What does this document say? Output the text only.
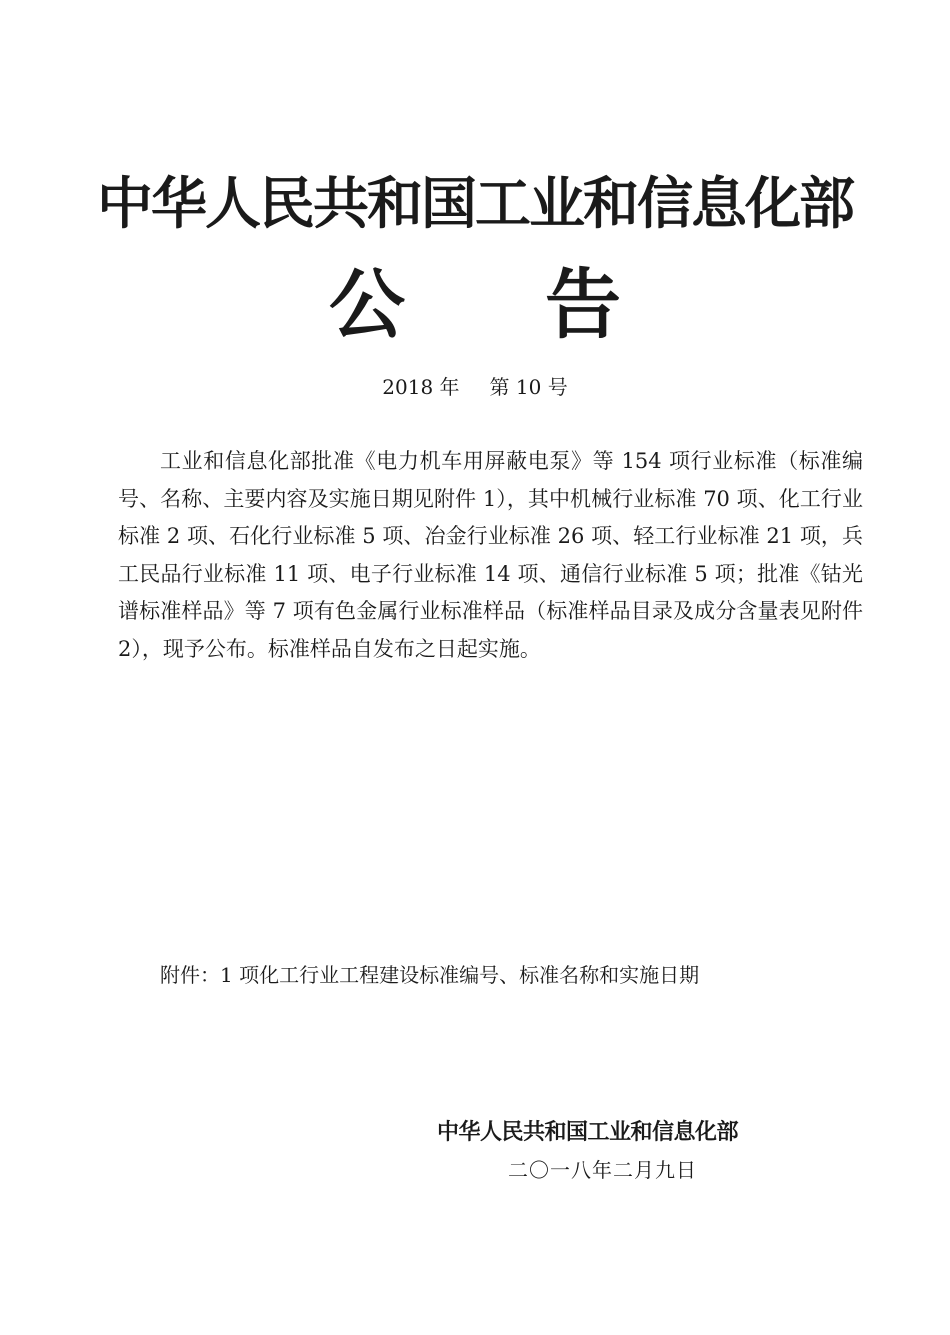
中华人民共和国工业和信息化部
公 告
2018 年 第 10 号

工业和信息化部批准《电力机车用屏蔽电泵》等 154 项行业标准（标准编号、名称、主要内容及实施日期见附件 1），其中机械行业标准 70 项、化工行业标准 2 项、石化行业标准 5 项、冶金行业标准 26 项、轻工行业标准 21 项，兵工民品行业标准 11 项、电子行业标准 14 项、通信行业标准 5 项；批准《钴光谱标准样品》等 7 项有色金属行业标准样品（标准样品目录及成分含量表见附件 2），现予公布。标准样品自发布之日起实施。

附件：1 项化工行业工程建设标准编号、标准名称和实施日期
中华人民共和国工业和信息化部
二〇一八年二月九日
